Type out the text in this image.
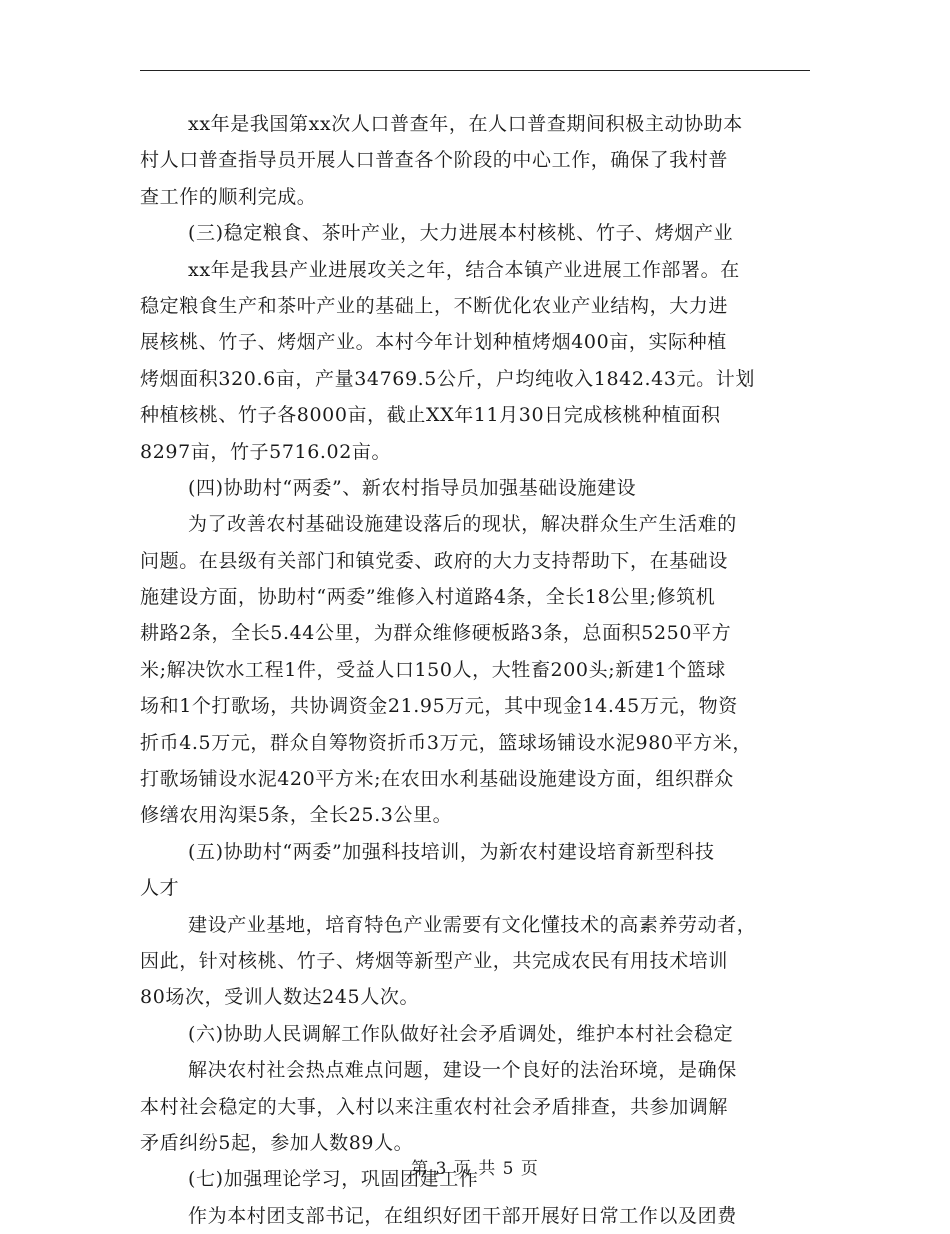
xx年是我国第xx次人口普查年，在人口普查期间积极主动协助本
村人口普查指导员开展人口普查各个阶段的中心工作，确保了我村普
查工作的顺利完成。
(三)稳定粮食、茶叶产业，大力进展本村核桃、竹子、烤烟产业
xx年是我县产业进展攻关之年，结合本镇产业进展工作部署。在
稳定粮食生产和茶叶产业的基础上，不断优化农业产业结构，大力进
展核桃、竹子、烤烟产业。本村今年计划种植烤烟400亩，实际种植
烤烟面积320.6亩，产量34769.5公斤，户均纯收入1842.43元。计划
种植核桃、竹子各8000亩，截止XX年11月30日完成核桃种植面积
8297亩，竹子5716.02亩。
(四)协助村“两委”、新农村指导员加强基础设施建设
为了改善农村基础设施建设落后的现状，解决群众生产生活难的
问题。在县级有关部门和镇党委、政府的大力支持帮助下，在基础设
施建设方面，协助村“两委”维修入村道路4条，全长18公里;修筑机
耕路2条，全长5.44公里，为群众维修硬板路3条，总面积5250平方
米;解决饮水工程1件，受益人口150人，大牲畜200头;新建1个篮球
场和1个打歌场，共协调资金21.95万元，其中现金14.45万元，物资
折币4.5万元，群众自筹物资折币3万元，篮球场铺设水泥980平方米，
打歌场铺设水泥420平方米;在农田水利基础设施建设方面，组织群众
修缮农用沟渠5条，全长25.3公里。
(五)协助村“两委”加强科技培训，为新农村建设培育新型科技
人才
建设产业基地，培育特色产业需要有文化懂技术的高素养劳动者，
因此，针对核桃、竹子、烤烟等新型产业，共完成农民有用技术培训
80场次，受训人数达245人次。
(六)协助人民调解工作队做好社会矛盾调处，维护本村社会稳定
解决农村社会热点难点问题，建设一个良好的法治环境，是确保
本村社会稳定的大事，入村以来注重农村社会矛盾排查，共参加调解
矛盾纠纷5起，参加人数89人。
(七)加强理论学习，巩固团建工作
作为本村团支部书记，在组织好团干部开展好日常工作以及团费
第 3 页 共 5 页
